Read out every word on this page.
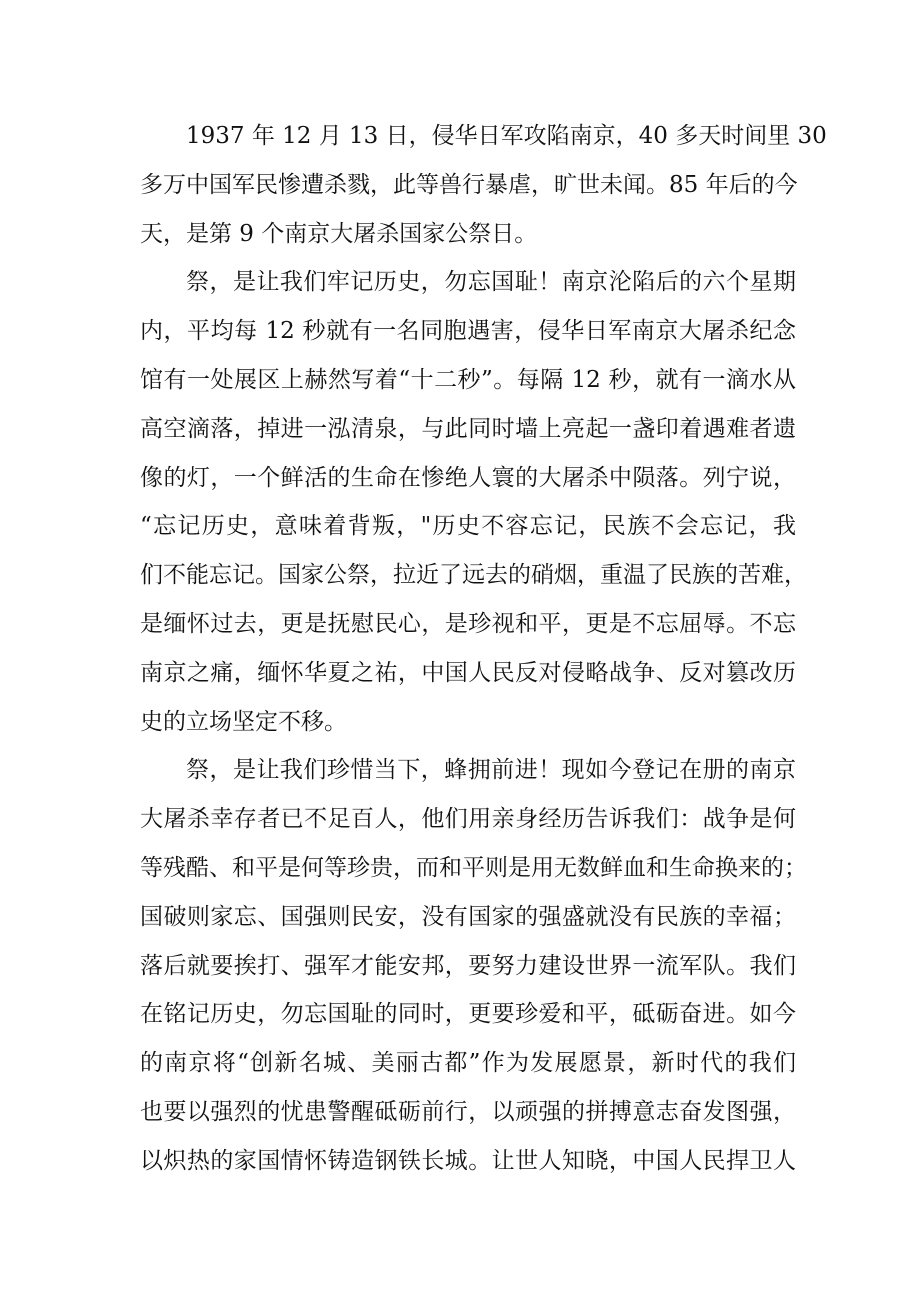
1937 年 12 月 13 日，侵华日军攻陷南京，40 多天时间里 30
多万中国军民惨遭杀戮，此等兽行暴虐，旷世未闻。85 年后的今
天，是第 9 个南京大屠杀国家公祭日。
祭，是让我们牢记历史，勿忘国耻！南京沦陷后的六个星期
内，平均每 12 秒就有一名同胞遇害，侵华日军南京大屠杀纪念
馆有一处展区上赫然写着“十二秒”。每隔 12 秒，就有一滴水从
高空滴落，掉进一泓清泉，与此同时墙上亮起一盏印着遇难者遗
像的灯，一个鲜活的生命在惨绝人寰的大屠杀中陨落。列宁说，
“忘记历史，意味着背叛，"历史不容忘记，民族不会忘记，我
们不能忘记。国家公祭，拉近了远去的硝烟，重温了民族的苦难，
是缅怀过去，更是抚慰民心，是珍视和平，更是不忘屈辱。不忘
南京之痛，缅怀华夏之祐，中国人民反对侵略战争、反对篡改历
史的立场坚定不移。
祭，是让我们珍惜当下，蜂拥前进！现如今登记在册的南京
大屠杀幸存者已不足百人，他们用亲身经历告诉我们：战争是何
等残酷、和平是何等珍贵，而和平则是用无数鲜血和生命换来的；
国破则家忘、国强则民安，没有国家的强盛就没有民族的幸福；
落后就要挨打、强军才能安邦，要努力建设世界一流军队。我们
在铭记历史，勿忘国耻的同时，更要珍爱和平，砥砺奋进。如今
的南京将“创新名城、美丽古都”作为发展愿景，新时代的我们
也要以强烈的忧患警醒砥砺前行，以顽强的拼搏意志奋发图强，
以炽热的家国情怀铸造钢铁长城。让世人知晓，中国人民捍卫人
